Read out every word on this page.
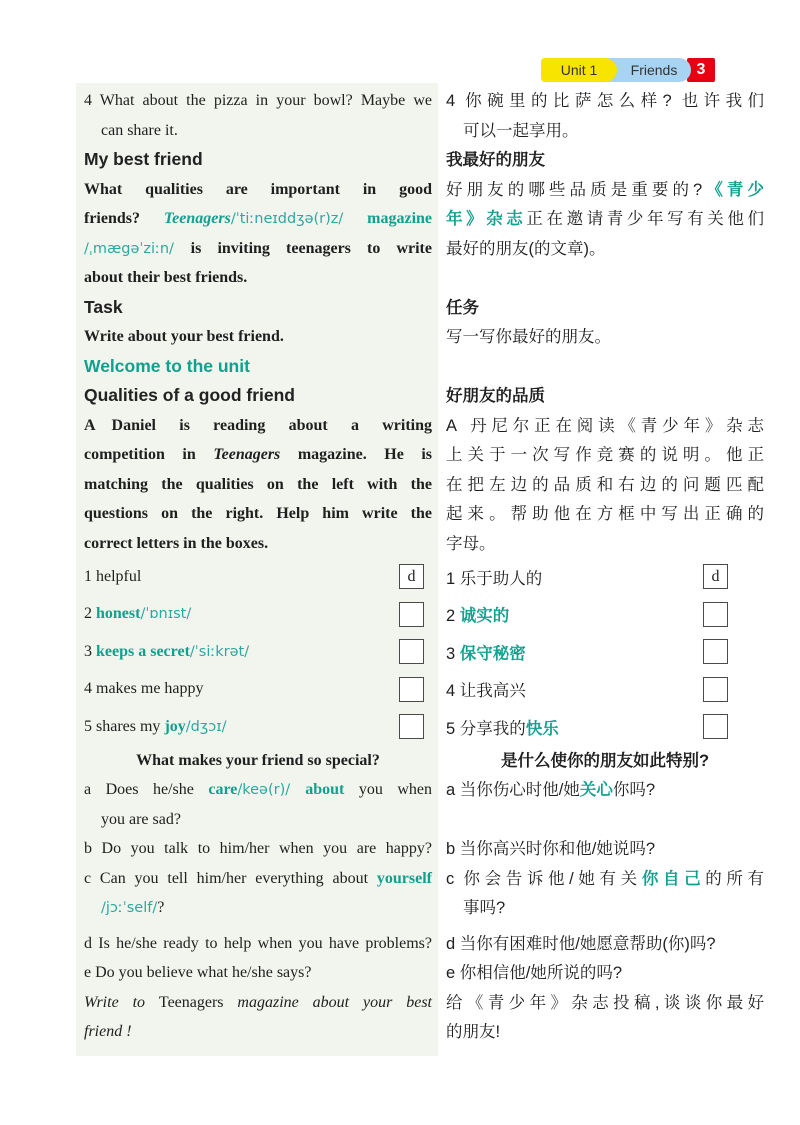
Unit 1 Friends	3
4 What about the pizza in your bowl? Maybe we
can share it.
My best friend
What qualities are important in good
friends? Teenagers/ˈtiːneɪddʒə(r)z/ magazine
/ˌmægəˈziːn/ is inviting teenagers to write
about their best friends.
Task
Write about your best friend.
Welcome to the unit
Qualities of a good friend
A  Daniel is reading about a writing
competition in Teenagers magazine. He is
matching the qualities on the left with the
questions on the right. Help him write the
correct letters in the boxes.
1 helpful	d
2 honest/ˈɒnɪst/
3 keeps a secret/ˈsiːkrət/
4 makes me happy
5 shares my joy/dʒɔɪ/
What makes your friend so special?
a Does he/she care/keə(r)/ about you when
you are sad?
b Do you talk to him/her when you are happy?
c Can you tell him/her everything about yourself
/jɔːˈself/?
d Is he/she ready to help when you have problems?
e Do you believe what he/she says?
Write to Teenagers magazine about your best
friend !
4 你碗里的比萨怎么样? 也许我们
可以一起享用。
我最好的朋友
好朋友的哪些品质是重要的?《青少
年》杂志正在邀请青少年写有关他们
最好的朋友(的文章)。
任务
写一写你最好的朋友。
好朋友的品质
A 丹尼尔正在阅读《青少年》杂志
上关于一次写作竞赛的说明。他正
在把左边的品质和右边的问题匹配
起来。帮助他在方框中写出正确的
字母。
1 乐于助人的	d
2 诚实的
3 保守秘密
4 让我高兴
5 分享我的快乐
是什么使你的朋友如此特别?
a 当你伤心时他/她关心你吗?
b 当你高兴时你和他/她说吗?
c 你会告诉他/她有关你自己的所有
事吗?
d 当你有困难时他/她愿意帮助(你)吗?
e 你相信他/她所说的吗?
给《青少年》杂志投稿,谈谈你最好
的朋友!
